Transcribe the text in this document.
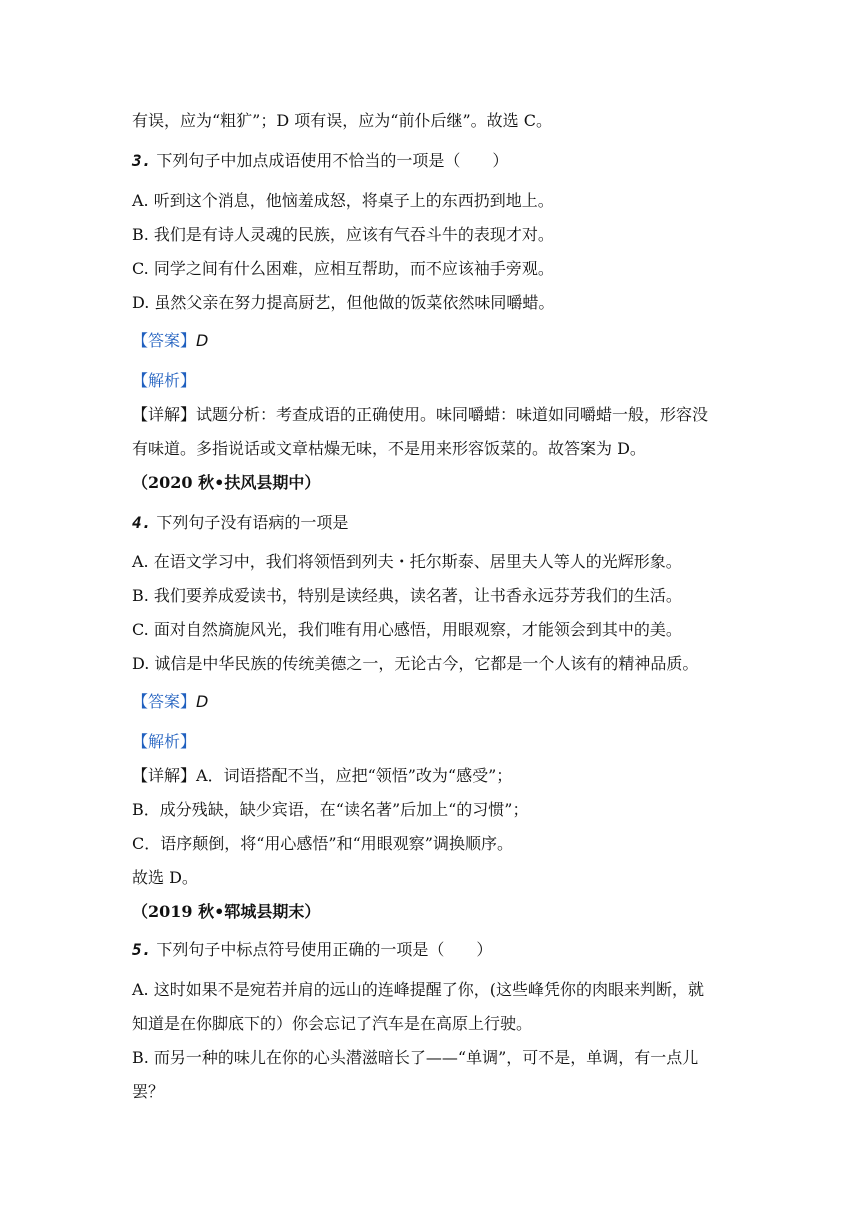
有误，应为“粗犷”；D 项有误，应为“前仆后继”。故选 C。
3. 下列句子中加点成语使用不恰当的一项是（　　）
A. 听到这个消息，他恼羞成怒，将桌子上的东西扔到地上。
B. 我们是有诗人灵魂的民族，应该有气吞斗牛的表现才对。
C. 同学之间有什么困难，应相互帮助，而不应该袖手旁观。
D. 虽然父亲在努力提高厨艺，但他做的饭菜依然味同嚼蜡。
【答案】D
【解析】
【详解】试题分析：考查成语的正确使用。味同嚼蜡：味道如同嚼蜡一般，形容没
有味道。多指说话或文章枯燥无味，不是用来形容饭菜的。故答案为 D。
（2020 秋•扶风县期中）
4. 下列句子没有语病的一项是
A. 在语文学习中，我们将领悟到列夫・托尔斯泰、居里夫人等人的光辉形象。
B. 我们要养成爱读书，特别是读经典，读名著，让书香永远芬芳我们的生活。
C. 面对自然旖旎风光，我们唯有用心感悟，用眼观察，才能领会到其中的美。
D. 诚信是中华民族的传统美德之一，无论古今，它都是一个人该有的精神品质。
【答案】D
【解析】
【详解】A．词语搭配不当，应把“领悟”改为“感受”；
B．成分残缺，缺少宾语，在“读名著”后加上“的习惯”；
C．语序颠倒，将“用心感悟”和“用眼观察”调换顺序。
故选 D。
（2019 秋•郓城县期末）
5. 下列句子中标点符号使用正确的一项是（　　）
A. 这时如果不是宛若并肩的远山的连峰提醒了你，(这些峰凭你的肉眼来判断，就
知道是在你脚底下的）你会忘记了汽车是在高原上行驶。
B. 而另一种的味儿在你的心头潜滋暗长了——“单调”，可不是，单调，有一点儿
罢？
